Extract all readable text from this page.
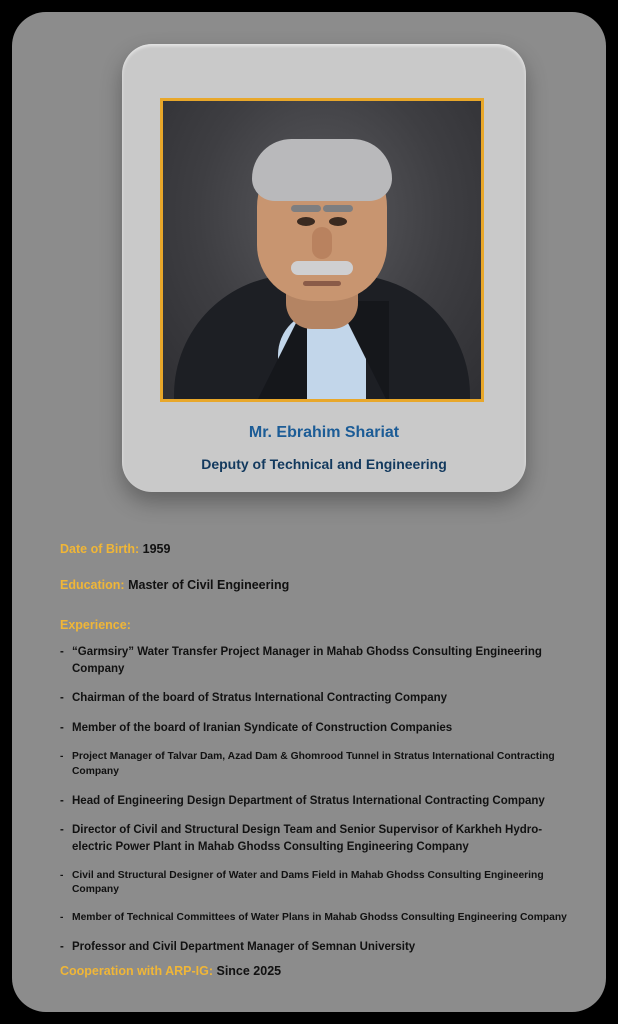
Mr. Ebrahim Shariat
Deputy of Technical and Engineering
Date of Birth: 1959
Education: Master of Civil Engineering
Experience:
- “Garmsiry” Water Transfer Project Manager in Mahab Ghodss Consulting Engineering Company
- Chairman of the board of Stratus International Contracting Company
- Member of the board of Iranian Syndicate of Construction Companies
- Project Manager of Talvar Dam, Azad Dam & Ghomrood Tunnel in Stratus International Contracting Company
- Head of Engineering Design Department of Stratus International Contracting Company
- Director of Civil and Structural Design Team and Senior Supervisor of Karkheh Hydro-electric Power Plant in Mahab Ghodss Consulting Engineering Company
- Civil and Structural Designer of Water and Dams Field in Mahab Ghodss Consulting Engineering Company
- Member of Technical Committees of Water Plans in Mahab Ghodss Consulting Engineering Company
- Professor and Civil Department Manager of Semnan University
Cooperation with ARP-IG: Since 2025
